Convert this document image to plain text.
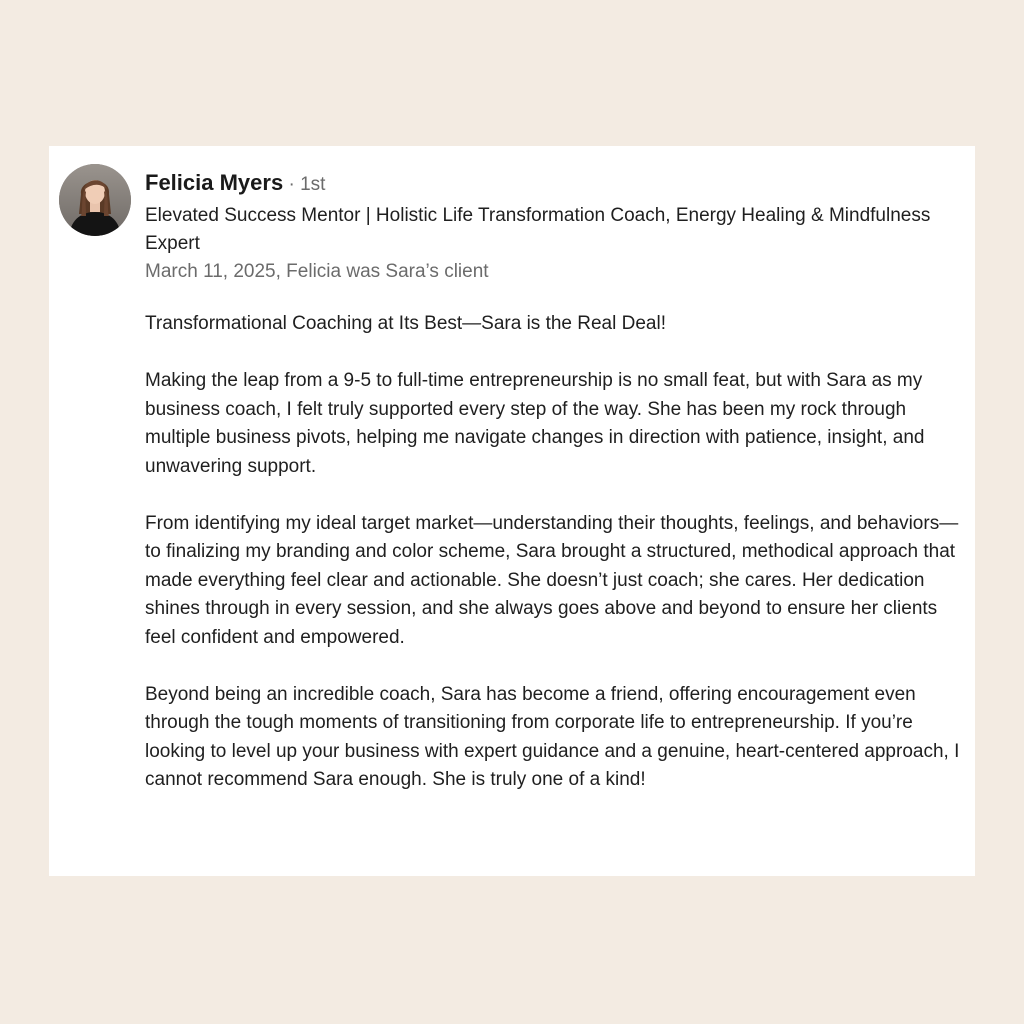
Felicia Myers · 1st
Elevated Success Mentor | Holistic Life Transformation Coach, Energy Healing & Mindfulness Expert
March 11, 2025, Felicia was Sara’s client

Transformational Coaching at Its Best—Sara is the Real Deal!

Making the leap from a 9-5 to full-time entrepreneurship is no small feat, but with Sara as my business coach, I felt truly supported every step of the way. She has been my rock through multiple business pivots, helping me navigate changes in direction with patience, insight, and unwavering support.

From identifying my ideal target market—understanding their thoughts, feelings, and behaviors—to finalizing my branding and color scheme, Sara brought a structured, methodical approach that made everything feel clear and actionable. She doesn’t just coach; she cares. Her dedication shines through in every session, and she always goes above and beyond to ensure her clients feel confident and empowered.

Beyond being an incredible coach, Sara has become a friend, offering encouragement even through the tough moments of transitioning from corporate life to entrepreneurship. If you’re looking to level up your business with expert guidance and a genuine, heart-centered approach, I cannot recommend Sara enough. She is truly one of a kind!
